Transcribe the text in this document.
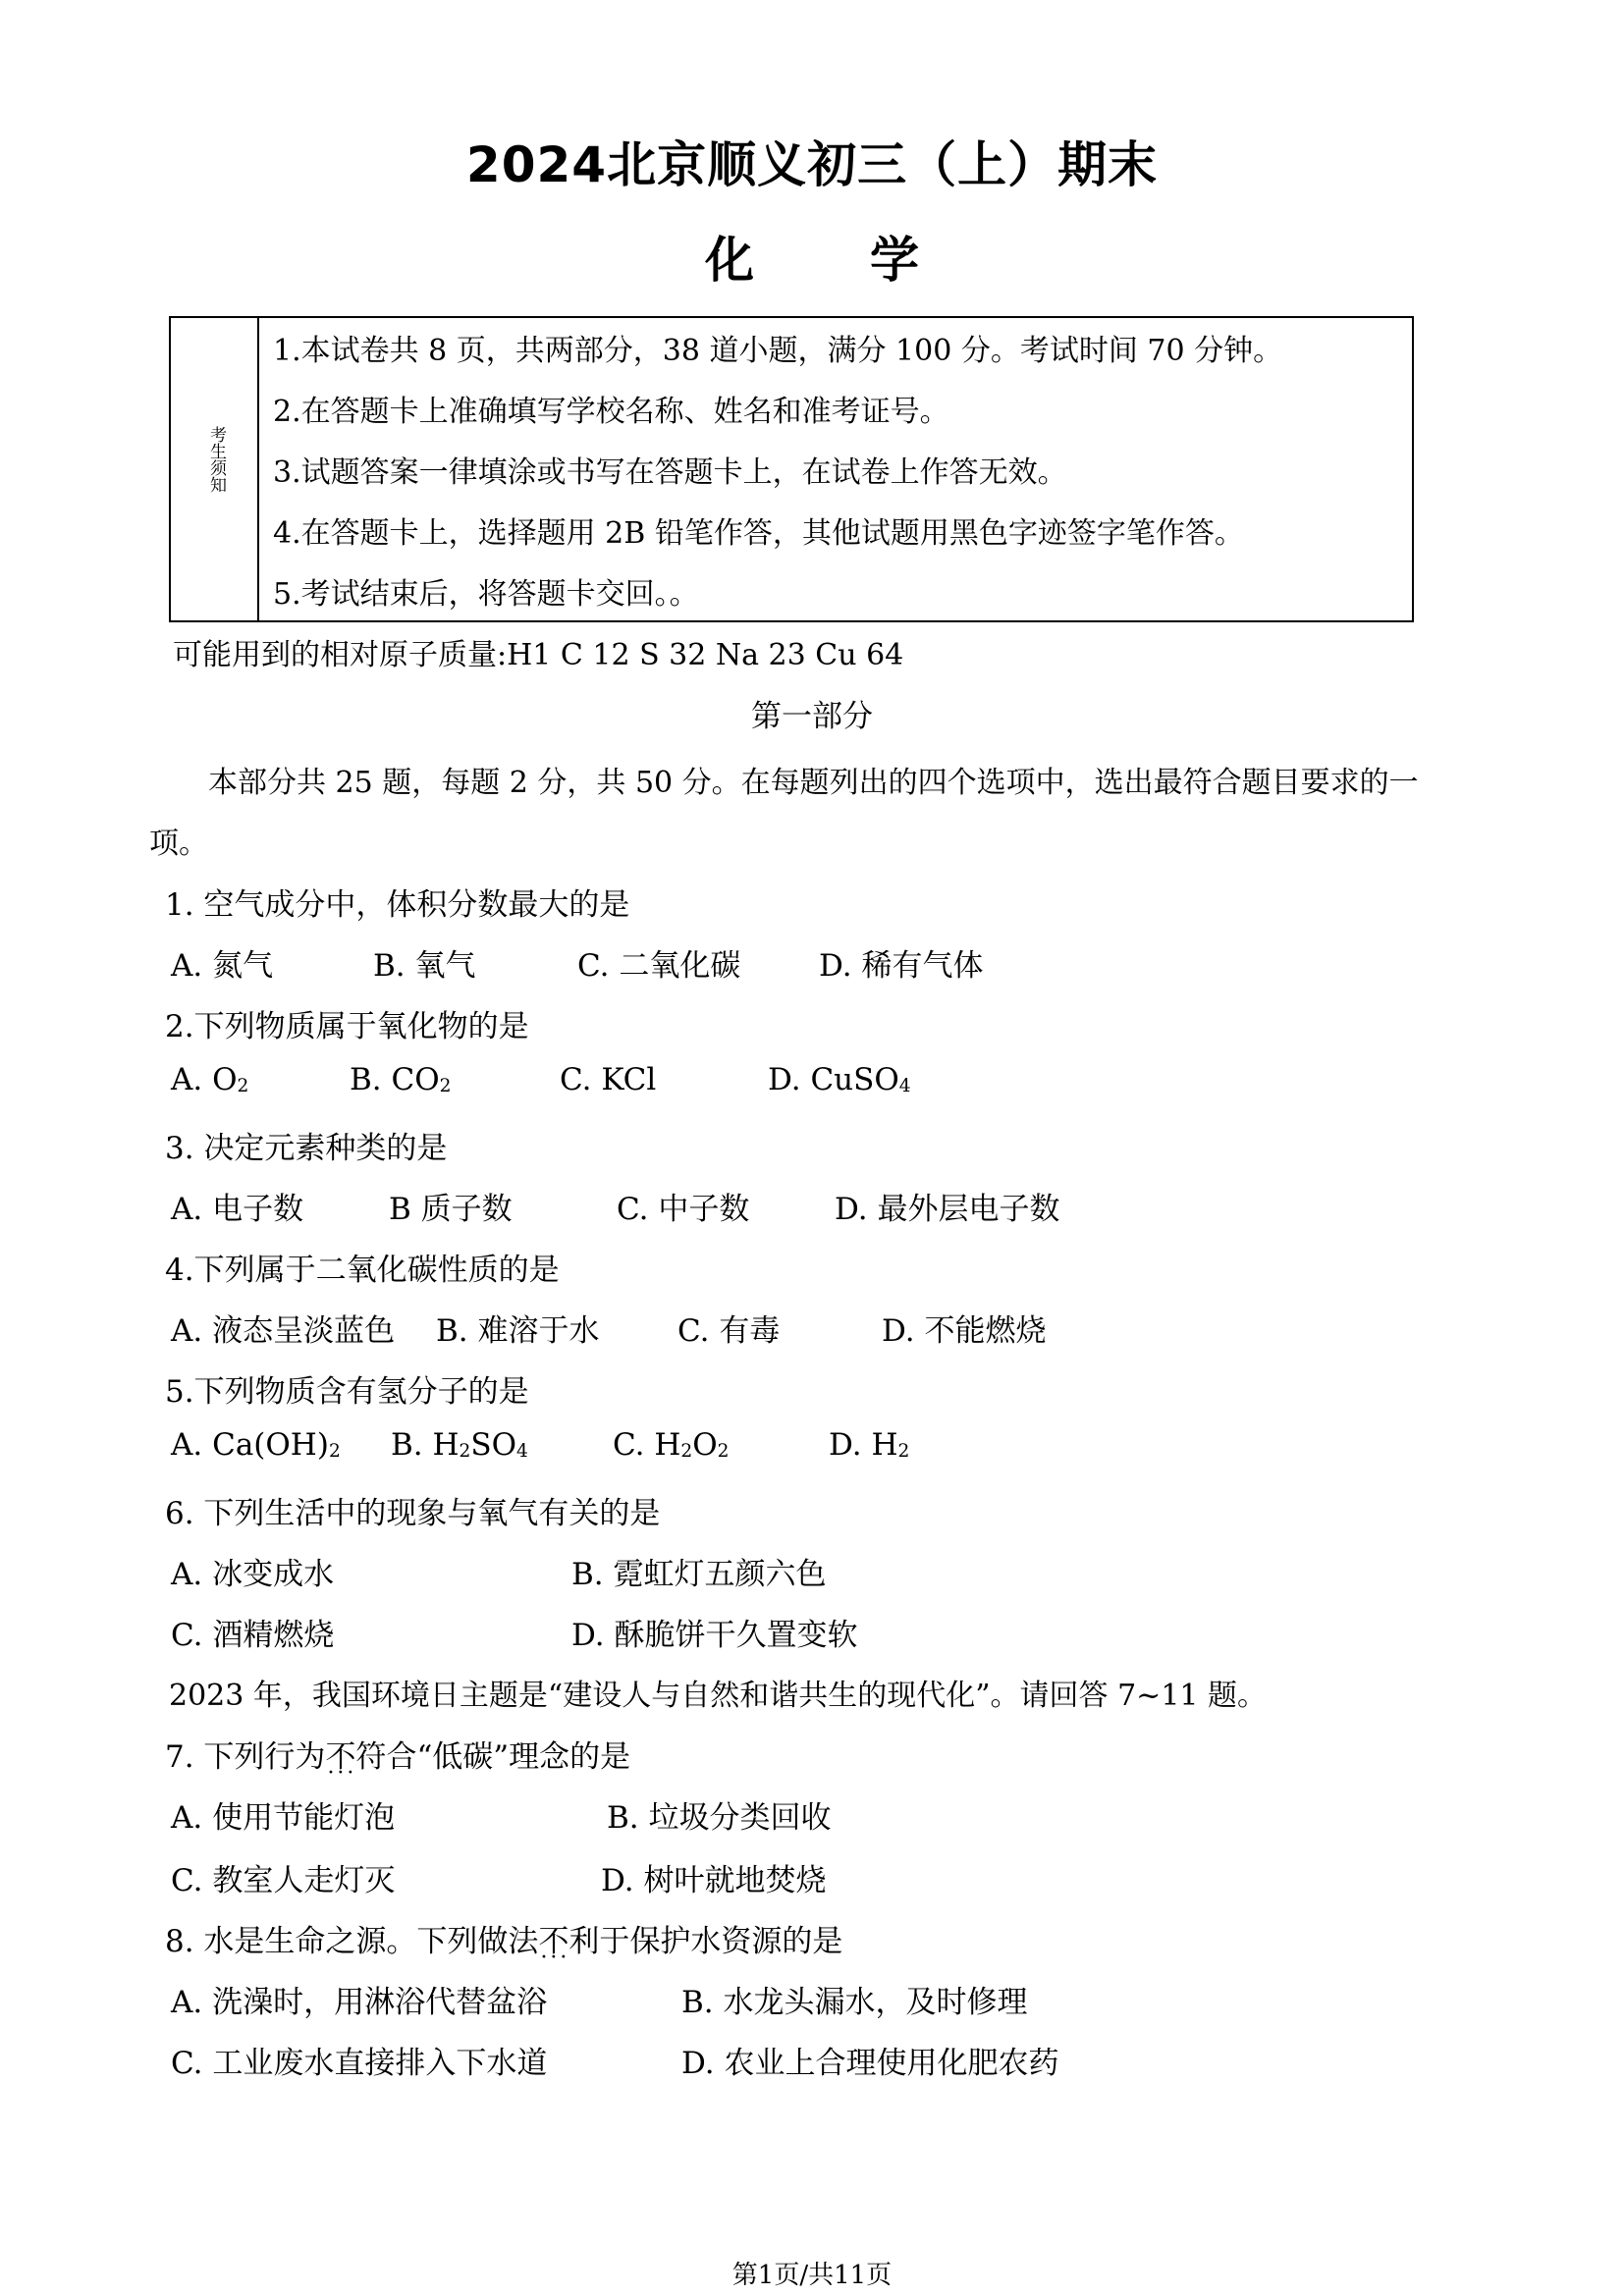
2024北京顺义初三（上）期末
化 学
考生须知
1.本试卷共 8 页，共两部分，38 道小题，满分 100 分。考试时间 70 分钟。
2.在答题卡上准确填写学校名称、姓名和准考证号。
3.试题答案一律填涂或书写在答题卡上，在试卷上作答无效。
4.在答题卡上，选择题用 2B 铅笔作答，其他试题用黑色字迹签字笔作答。
5.考试结束后，将答题卡交回。。
可能用到的相对原子质量:H1 C 12 S 32 Na 23 Cu 64
第一部分
本部分共 25 题，每题 2 分，共 50 分。在每题列出的四个选项中，选出最符合题目要求的一
项。
1. 空气成分中，体积分数最大的是
A. 氮气	B. 氧气	C. 二氧化碳	D. 稀有气体
2.下列物质属于氧化物的是
A. $O_2$	B. $CO_2$	C. KCl	D. CuSO$_4$
3. 决定元素种类的是
A. 电子数	B 质子数	C. 中子数	D. 最外层电子数
4.下列属于二氧化碳性质的是
A. 液态呈淡蓝色 B. 难溶于水	C. 有毒	D. 不能燃烧
5.下列物质含有氢分子的是
A. $Ca(OH)_2$ B. $H_2SO_4$	C. $H_2O_2$	D. $H_2$
6. 下列生活中的现象与氧气有关的是
A. 冰变成水	B. 霓虹灯五颜六色
C. 酒精燃烧	D. 酥脆饼干久置变软
2023 年，我国环境日主题是“建设人与自然和谐共生的现代化”。请回答 7~11 题。
7. 下列行为不符合 · · ·“低碳”理念的是
A. 使用节能灯泡	B. 垃圾分类回收
C. 教室人走灯灭	D. 树叶就地焚烧
8. 水是生命之源。下列做法不利于 · · ·保护水资源的是
A. 洗澡时，用淋浴代替盆浴	B. 水龙头漏水，及时修理
C. 工业废水直接排入下水道	D. 农业上合理使用化肥农药
第1页/共11页
